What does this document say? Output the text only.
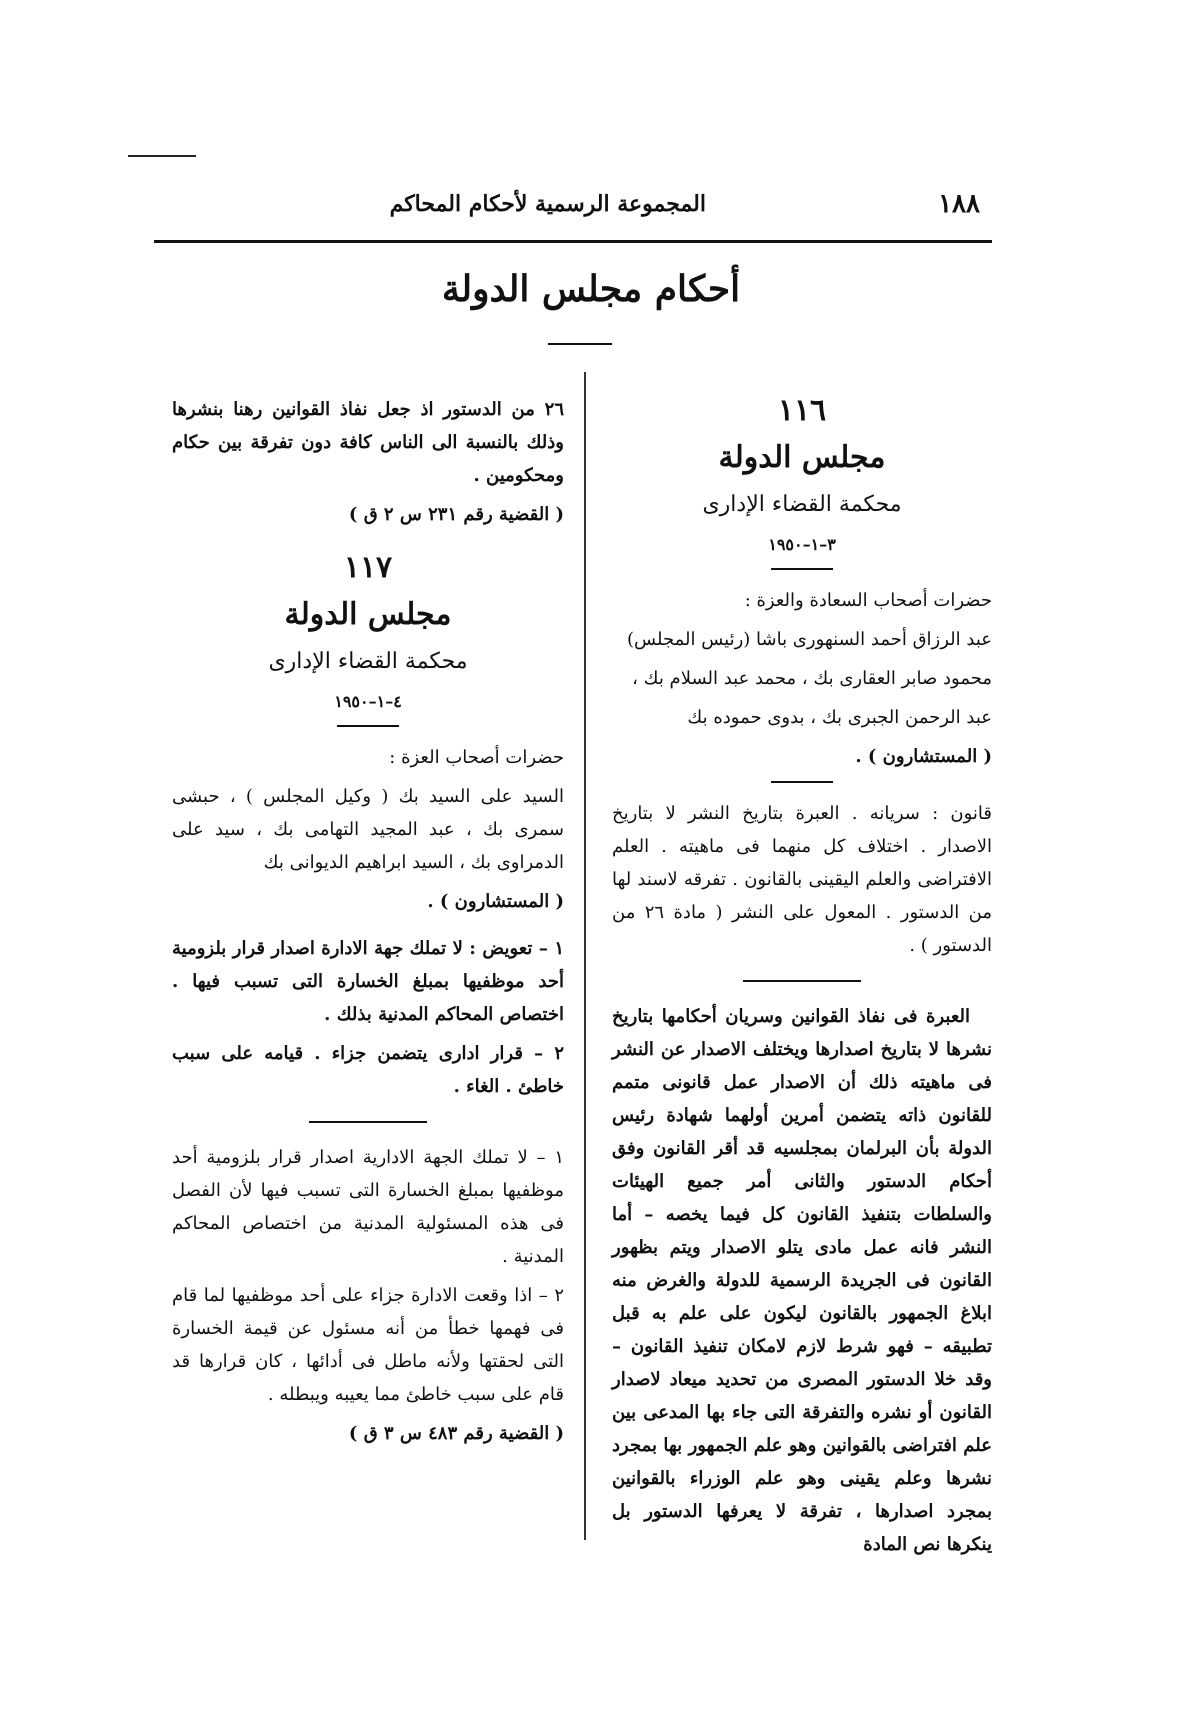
١٨٨
المجموعة الرسمية لأحكام المحاكم
أحكام مجلس الدولة
١١٦
مجلس الدولة
محكمة القضاء الإدارى
٣–١–١٩٥٠

حضرات أصحاب السعادة والعزة :

عبد الرزاق أحمد السنهورى باشا (رئيس المجلس)

محمود صابر العقارى بك ، محمد عبد السلام بك ،

عبد الرحمن الجبرى بك ، بدوى حموده بك

( المستشارون ) .

قانون : سريانه . العبرة بتاريخ النشر لا بتاريخ الاصدار . اختلاف كل منهما فى ماهيته . العلم الافتراضى والعلم اليقينى بالقانون . تفرقه لاسند لها من الدستور . المعول على النشر ( مادة ٢٦ من الدستور ) .

العبرة فى نفاذ القوانين وسريان أحكامها بتاريخ نشرها لا بتاريخ اصدارها ويختلف الاصدار عن النشر فى ماهيته ذلك أن الاصدار عمل قانونى متمم للقانون ذاته يتضمن أمرين أولهما شهادة رئيس الدولة بأن البرلمان بمجلسيه قد أقر القانون وفق أحكام الدستور والثانى أمر جميع الهيئات والسلطات بتنفيذ القانون كل فيما يخصه – أما النشر فانه عمل مادى يتلو الاصدار ويتم بظهور القانون فى الجريدة الرسمية للدولة والغرض منه ابلاغ الجمهور بالقانون ليكون على علم به قبل تطبيقه – فهو شرط لازم لامكان تنفيذ القانون – وقد خلا الدستور المصرى من تحديد ميعاد لاصدار القانون أو نشره والتفرقة التى جاء بها المدعى بين علم افتراضى بالقوانين وهو علم الجمهور بها بمجرد نشرها وعلم يقينى وهو علم الوزراء بالقوانين بمجرد اصدارها ، تفرقة لا يعرفها الدستور بل ينكرها نص المادة

٢٦ من الدستور اذ جعل نفاذ القوانين رهنا بنشرها وذلك بالنسبة الى الناس كافة دون تفرقة بين حكام ومحكومين .

( القضية رقم ٢٣١ س ٢ ق )

١١٧
مجلس الدولة
محكمة القضاء الإدارى
٤–١–١٩٥٠

حضرات أصحاب العزة :

السيد على السيد بك ( وكيل المجلس ) ، حبشى سمرى بك ، عبد المجيد التهامى بك ، سيد على الدمراوى بك ، السيد ابراهيم الديوانى بك

( المستشارون ) .

١ – تعويض : لا تملك جهة الادارة اصدار قرار بلزومية أحد موظفيها بمبلغ الخسارة التى تسبب فيها . اختصاص المحاكم المدنية بذلك .

٢ – قرار ادارى يتضمن جزاء . قيامه على سبب خاطئ . الغاء .

١ – لا تملك الجهة الادارية اصدار قرار بلزومية أحد موظفيها بمبلغ الخسارة التى تسبب فيها لأن الفصل فى هذه المسئولية المدنية من اختصاص المحاكم المدنية .

٢ – اذا وقعت الادارة جزاء على أحد موظفيها لما قام فى فهمها خطأ من أنه مسئول عن قيمة الخسارة التى لحقتها ولأنه ماطل فى أدائها ، كان قرارها قد قام على سبب خاطئ مما يعيبه ويبطله .

( القضية رقم ٤٨٣ س ٣ ق )
